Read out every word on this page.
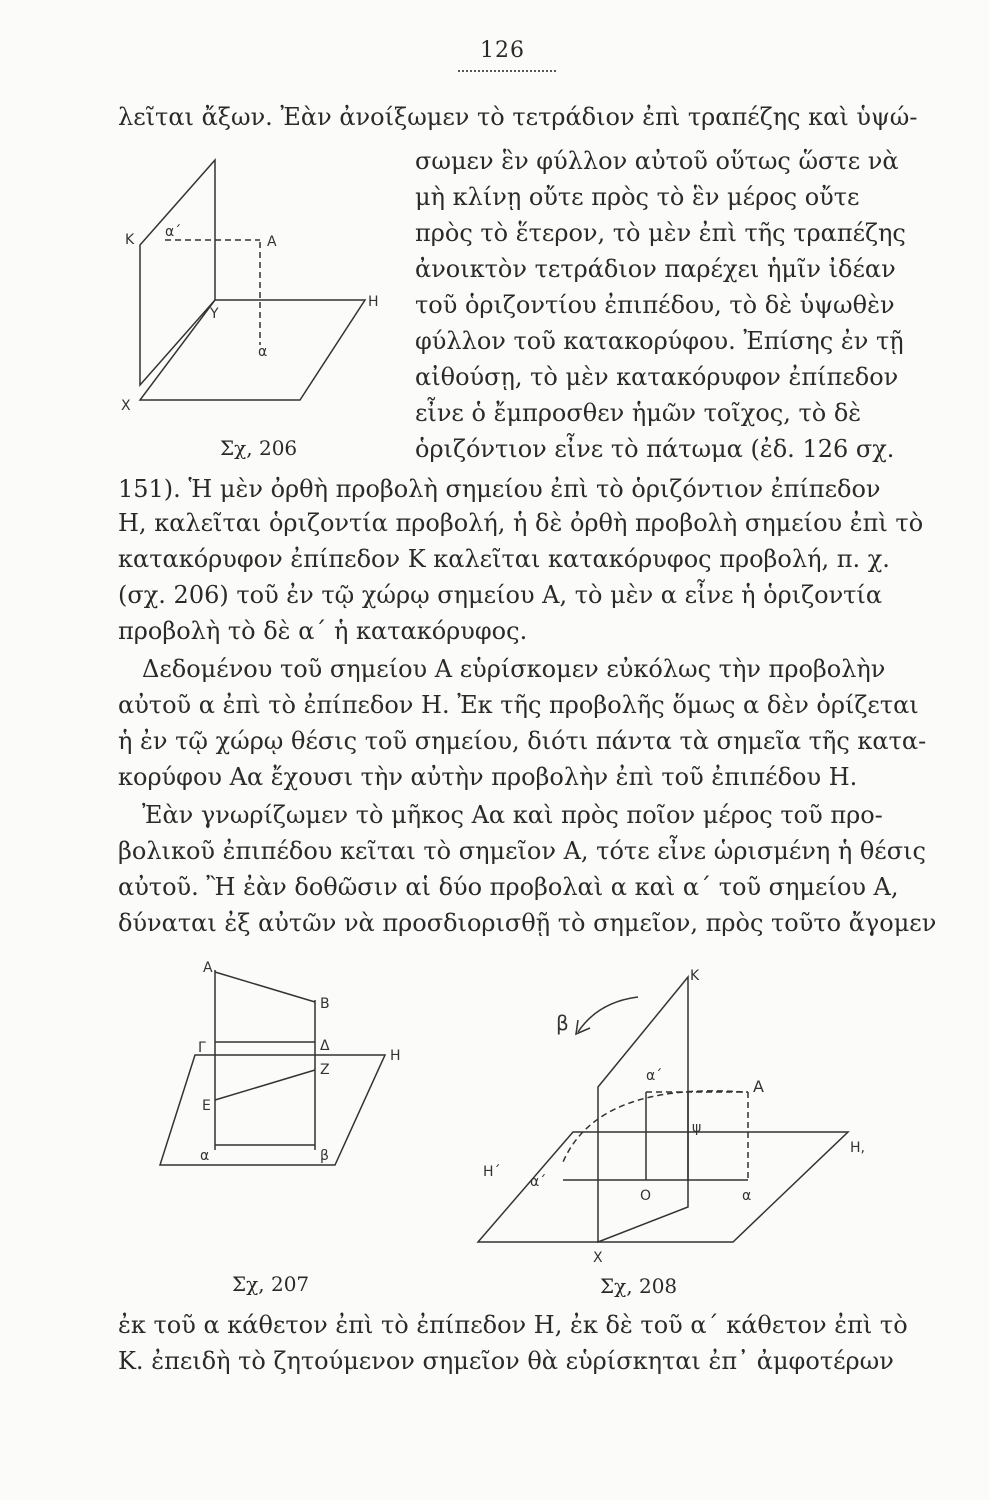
126
λεῖται ἄξων. Ἐὰν ἀνοίξωμεν τὸ τετράδιον ἐπὶ τραπέζης καὶ ὑψώ-
σωμεν ἓν φύλλον αὐτοῦ οὕτως ὥστε νὰ
μὴ κλίνῃ οὔτε πρὸς τὸ ἓν μέρος οὔτε
πρὸς τὸ ἕτερον, τὸ μὲν ἐπὶ τῆς τραπέζης
ἀνοικτὸν τετράδιον παρέχει ἡμῖν ἰδέαν
τοῦ ὁριζοντίου ἐπιπέδου, τὸ δὲ ὑψωθὲν
φύλλον τοῦ κατακορύφου. Ἐπίσης ἐν τῇ
αἰθούσῃ, τὸ μὲν κατακόρυφον ἐπίπεδον
εἶνε ὁ ἔμπροσθεν ἡμῶν τοῖχος, τὸ δὲ
ὁριζόντιον εἶνε τὸ πάτωμα (ἐδ. 126 σχ.
Κ α΄
Α
Υ
Η
α
Χ
Σχ, 206
151). Ἡ μὲν ὀρθὴ προβολὴ σημείου ἐπὶ τὸ ὁριζόντιον ἐπίπεδον
Η, καλεῖται ὁριζοντία προβολή, ἡ δὲ ὀρθὴ προβολὴ σημείου ἐπὶ τὸ
κατακόρυφον ἐπίπεδον Κ καλεῖται κατακόρυφος προβολή, π. χ.
(σχ. 206) τοῦ ἐν τῷ χώρῳ σημείου Α, τὸ μὲν α εἶνε ἡ ὁριζοντία
προβολὴ τὸ δὲ α΄ ἡ κατακόρυφος.
Δεδομένου τοῦ σημείου Α εὑρίσκομεν εὐκόλως τὴν προβολὴν
αὐτοῦ α ἐπὶ τὸ ἐπίπεδον Η. Ἐκ τῆς προβολῆς ὅμως α δὲν ὁρίζεται
ἡ ἐν τῷ χώρῳ θέσις τοῦ σημείου, διότι πάντα τὰ σημεῖα τῆς κατα-
κορύφου Αα ἔχουσι τὴν αὐτὴν προβολὴν ἐπὶ τοῦ ἐπιπέδου Η.
Ἐὰν γνωρίζωμεν τὸ μῆκος Αα καὶ πρὸς ποῖον μέρος τοῦ προ-
βολικοῦ ἐπιπέδου κεῖται τὸ σημεῖον Α, τότε εἶνε ὡρισμένη ἡ θέσις
αὐτοῦ. Ἢ ἐὰν δοθῶσιν αἱ δύο προβολαὶ α καὶ α΄ τοῦ σημείου Α,
δύναται ἐξ αὐτῶν νὰ προσδιορισθῇ τὸ σημεῖον, πρὸς τοῦτο ἄγομεν
Α
Β
Γ	Δ
Ζ
Ε
Η
α	β
Σχ, 207
Κ
β
α΄
Α
ψ
Η,
Η΄
α΄
Ο	α
Χ
Σχ, 208
ἐκ τοῦ α κάθετον ἐπὶ τὸ ἐπίπεδον Η, ἐκ δὲ τοῦ α΄ κάθετον ἐπὶ τὸ
Κ. ἐπειδὴ τὸ ζητούμενον σημεῖον θὰ εὑρίσκηται ἐπ᾽ ἀμφοτέρων
